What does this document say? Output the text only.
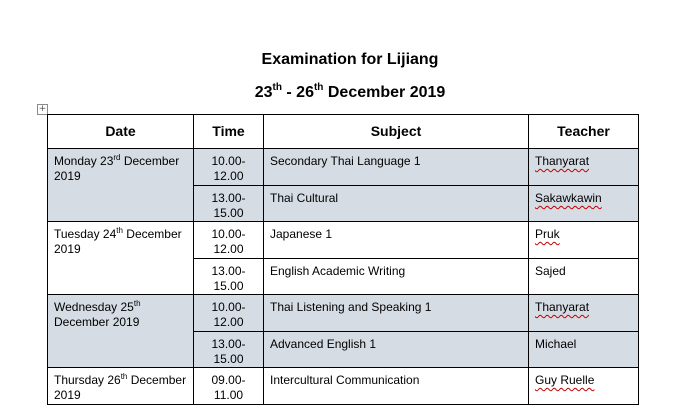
Examination for Lijiang
23th - 26th December 2019
+
Date	Time	Subject	Teacher
Monday 23rd December 2019	10.00-12.00	Secondary Thai Language 1	Thanyarat
	13.00-15.00	Thai Cultural	Sakawkawin
Tuesday 24th December 2019	10.00-12.00	Japanese 1	Pruk
	13.00-15.00	English Academic Writing	Sajed
Wednesday 25th December 2019	10.00-12.00	Thai Listening and Speaking 1	Thanyarat
	13.00-15.00	Advanced English 1	Michael
Thursday 26th December 2019	09.00-11.00	Intercultural Communication	Guy Ruelle
